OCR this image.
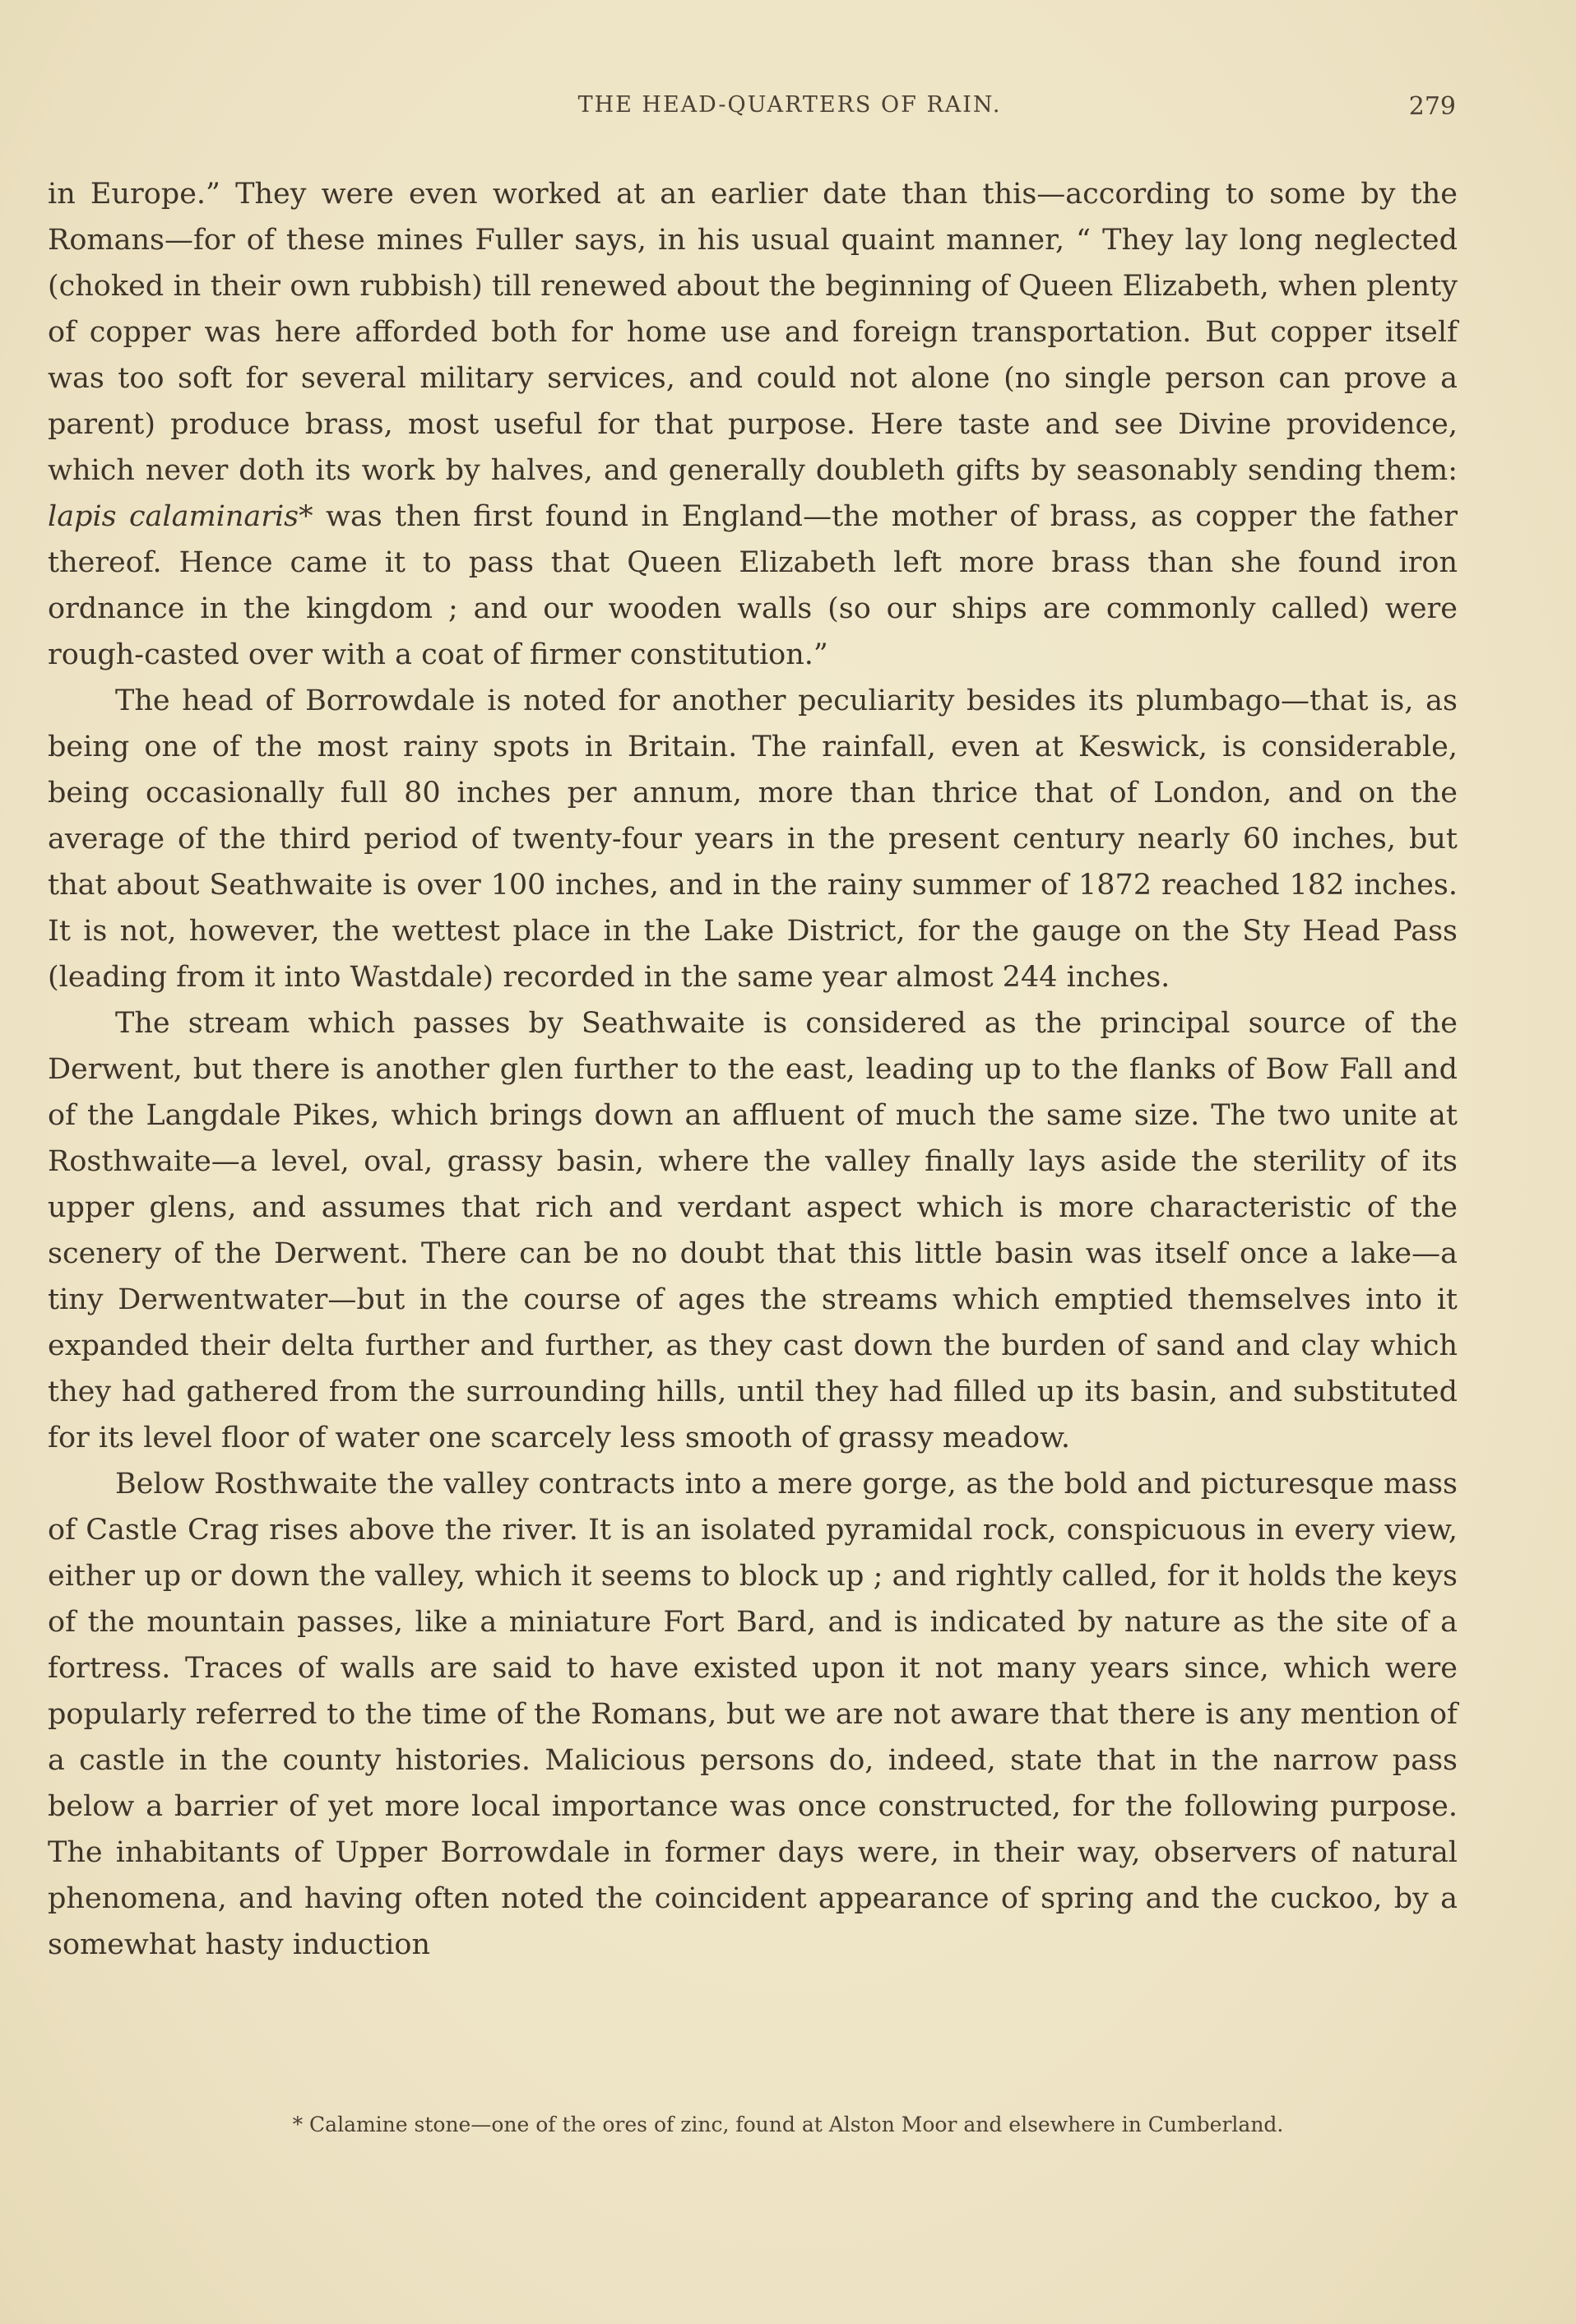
THE HEAD-QUARTERS OF RAIN.	279

in Europe.” They were even worked at an earlier date than this—according to some by the Romans—for of these mines Fuller says, in his usual quaint manner, “ They lay long neglected (choked in their own rubbish) till renewed about the beginning of Queen Elizabeth, when plenty of copper was here afforded both for home use and foreign transportation. But copper itself was too soft for several military services, and could not alone (no single person can prove a parent) produce brass, most useful for that purpose. Here taste and see Divine providence, which never doth its work by halves, and generally doubleth gifts by seasonably sending them: lapis calaminaris* was then first found in England—the mother of brass, as copper the father thereof. Hence came it to pass that Queen Elizabeth left more brass than she found iron ordnance in the kingdom ; and our wooden walls (so our ships are commonly called) were rough-casted over with a coat of firmer constitution.”

The head of Borrowdale is noted for another peculiarity besides its plumbago—that is, as being one of the most rainy spots in Britain. The rainfall, even at Keswick, is considerable, being occasionally full 80 inches per annum, more than thrice that of London, and on the average of the third period of twenty-four years in the present century nearly 60 inches, but that about Seathwaite is over 100 inches, and in the rainy summer of 1872 reached 182 inches. It is not, however, the wettest place in the Lake District, for the gauge on the Sty Head Pass (leading from it into Wastdale) recorded in the same year almost 244 inches.

The stream which passes by Seathwaite is considered as the principal source of the Derwent, but there is another glen further to the east, leading up to the flanks of Bow Fall and of the Langdale Pikes, which brings down an affluent of much the same size. The two unite at Rosthwaite—a level, oval, grassy basin, where the valley finally lays aside the sterility of its upper glens, and assumes that rich and verdant aspect which is more characteristic of the scenery of the Derwent. There can be no doubt that this little basin was itself once a lake—a tiny Derwentwater—but in the course of ages the streams which emptied themselves into it expanded their delta further and further, as they cast down the burden of sand and clay which they had gathered from the surrounding hills, until they had filled up its basin, and substituted for its level floor of water one scarcely less smooth of grassy meadow.

Below Rosthwaite the valley contracts into a mere gorge, as the bold and picturesque mass of Castle Crag rises above the river. It is an isolated pyramidal rock, conspicuous in every view, either up or down the valley, which it seems to block up ; and rightly called, for it holds the keys of the mountain passes, like a miniature Fort Bard, and is indicated by nature as the site of a fortress. Traces of walls are said to have existed upon it not many years since, which were popularly referred to the time of the Romans, but we are not aware that there is any mention of a castle in the county histories. Malicious persons do, indeed, state that in the narrow pass below a barrier of yet more local importance was once constructed, for the following purpose. The inhabitants of Upper Borrowdale in former days were, in their way, observers of natural phenomena, and having often noted the coincident appearance of spring and the cuckoo, by a somewhat hasty induction

* Calamine stone—one of the ores of zinc, found at Alston Moor and elsewhere in Cumberland.
